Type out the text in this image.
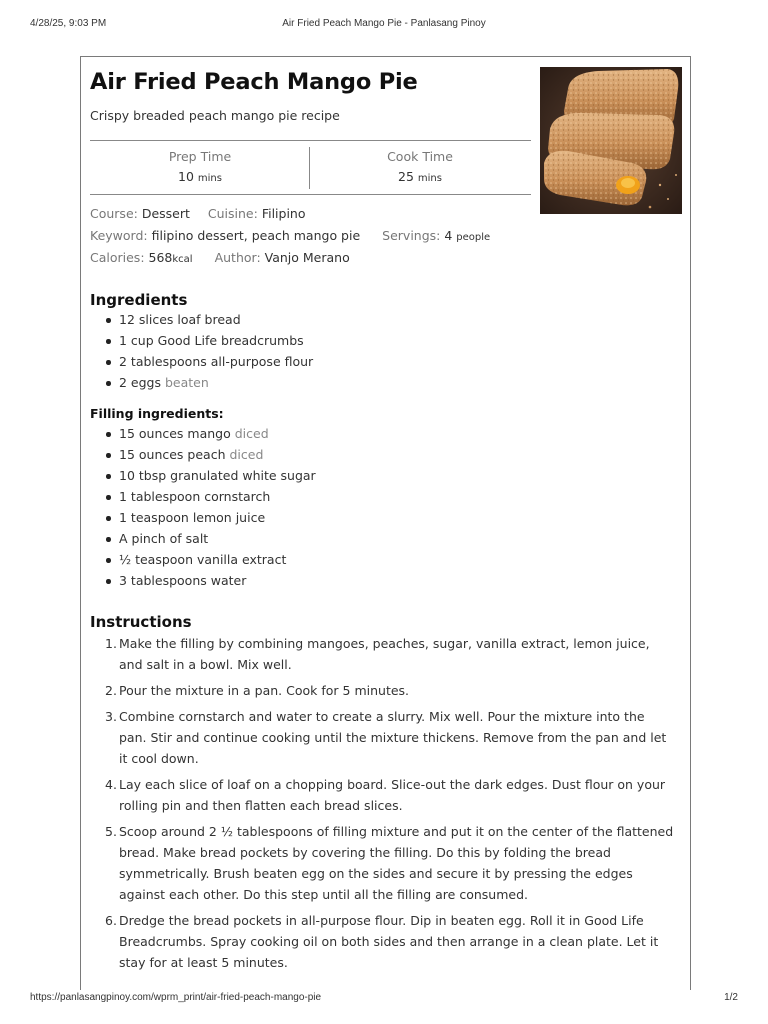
4/28/25, 9:03 PM	Air Fried Peach Mango Pie - Panlasang Pinoy
Air Fried Peach Mango Pie
Crispy breaded peach mango pie recipe
Prep Time
10 mins
Cook Time
25 mins
Course: Dessert Cuisine: Filipino
Keyword: filipino dessert, peach mango pie Servings: 4 people
Calories: 568kcal Author: Vanjo Merano
Ingredients
12 slices loaf bread
1 cup Good Life breadcrumbs
2 tablespoons all-purpose flour
2 eggs beaten
Filling ingredients:
15 ounces mango diced
15 ounces peach diced
10 tbsp granulated white sugar
1 tablespoon cornstarch
1 teaspoon lemon juice
A pinch of salt
½ teaspoon vanilla extract
3 tablespoons water
Instructions
1. Make the filling by combining mangoes, peaches, sugar, vanilla extract, lemon juice, and salt in a bowl. Mix well.
2. Pour the mixture in a pan. Cook for 5 minutes.
3. Combine cornstarch and water to create a slurry. Mix well. Pour the mixture into the pan. Stir and continue cooking until the mixture thickens. Remove from the pan and let it cool down.
4. Lay each slice of loaf on a chopping board. Slice-out the dark edges. Dust flour on your rolling pin and then flatten each bread slices.
5. Scoop around 2 ½ tablespoons of filling mixture and put it on the center of the flattened bread. Make bread pockets by covering the filling. Do this by folding the bread symmetrically. Brush beaten egg on the sides and secure it by pressing the edges against each other. Do this step until all the filling are consumed.
6. Dredge the bread pockets in all-purpose flour. Dip in beaten egg. Roll it in Good Life Breadcrumbs. Spray cooking oil on both sides and then arrange in a clean plate. Let it stay for at least 5 minutes.
https://panlasangpinoy.com/wprm_print/air-fried-peach-mango-pie	1/2
